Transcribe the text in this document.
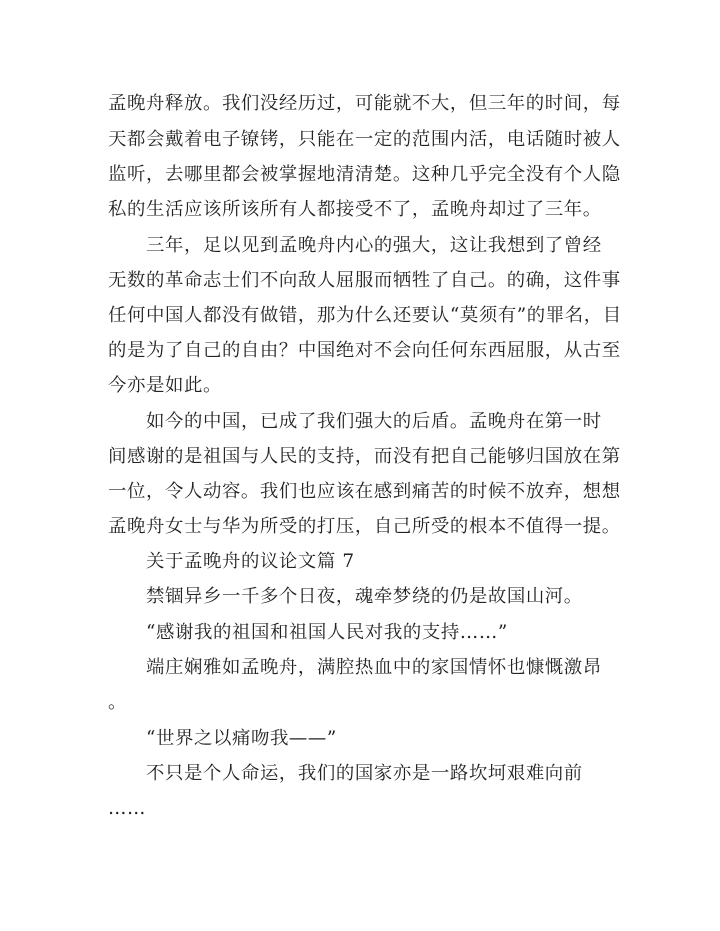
孟晚舟释放。我们没经历过，可能就不大，但三年的时间，每
天都会戴着电子镣铐，只能在一定的范围内活，电话随时被人
监听，去哪里都会被掌握地清清楚。这种几乎完全没有个人隐
私的生活应该所该所有人都接受不了，孟晚舟却过了三年。
三年，足以见到孟晚舟内心的强大，这让我想到了曾经
无数的革命志士们不向敌人屈服而牺牲了自己。的确，这件事
任何中国人都没有做错，那为什么还要认“莫须有”的罪名，目
的是为了自己的自由？中国绝对不会向任何东西屈服，从古至
今亦是如此。
如今的中国，已成了我们强大的后盾。孟晚舟在第一时
间感谢的是祖国与人民的支持，而没有把自己能够归国放在第
一位，令人动容。我们也应该在感到痛苦的时候不放弃，想想
孟晚舟女士与华为所受的打压，自己所受的根本不值得一提。
关于孟晚舟的议论文篇 7
禁锢异乡一千多个日夜，魂牵梦绕的仍是故国山河。
“感谢我的祖国和祖国人民对我的支持……”
端庄娴雅如孟晚舟，满腔热血中的家国情怀也慷慨激昂
。
“世界之以痛吻我——”
不只是个人命运，我们的国家亦是一路坎坷艰难向前
……
